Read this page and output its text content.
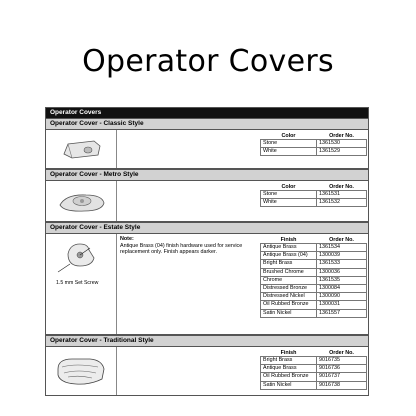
Operator Covers
Operator Covers
Operator Cover - Classic Style
Color	Order No.
Stone	1361530
White	1361529
Operator Cover - Metro Style
Color	Order No.
Stone	1361531
White	1361532
Operator Cover - Estate Style
1.5 mm Set Screw
Note:
Antique Brass (04) finish hardware used for service replacement only. Finish appears darker.
Finish	Order No.
Antique Brass	1361534
Antique Brass (04)	1300039
Bright Brass	1361533
Brushed Chrome	1300036
Chrome	1361535
Distressed Bronze	1300084
Distressed Nickel	1300090
Oil Rubbed Bronze	1300031
Satin Nickel	1361557
Operator Cover - Traditional Style
Finish	Order No.
Bright Brass	9016735
Antique Brass	9016736
Oil Rubbed Bronze	9016737
Satin Nickel	9016738
